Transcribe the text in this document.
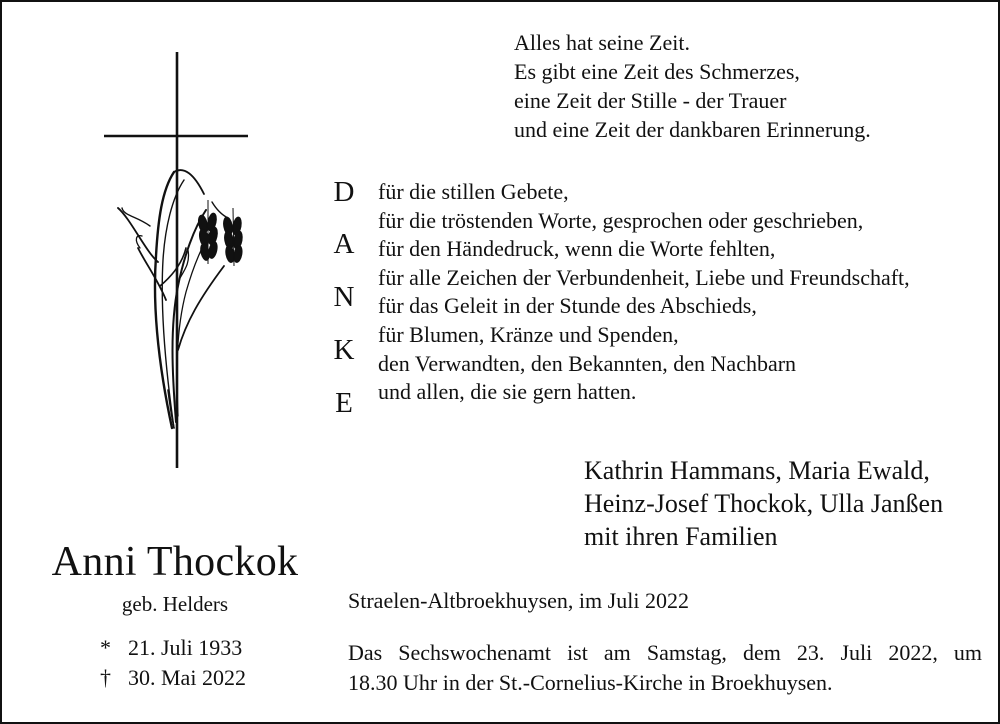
Alles hat seine Zeit.
Es gibt eine Zeit des Schmerzes,
eine Zeit der Stille - der Trauer
und eine Zeit der dankbaren Erinnerung.
D
A
N
K
E
für die stillen Gebete,
für die tröstenden Worte, gesprochen oder geschrieben,
für den Händedruck, wenn die Worte fehlten,
für alle Zeichen der Verbundenheit, Liebe und Freundschaft,
für das Geleit in der Stunde des Abschieds,
für Blumen, Kränze und Spenden,
den Verwandten, den Bekannten, den Nachbarn
und allen, die sie gern hatten.
Kathrin Hammans, Maria Ewald,
Heinz-Josef Thockok, Ulla Janßen
mit ihren Familien
Anni Thockok
geb. Helders
* 21. Juli 1933
† 30. Mai 2022
Straelen-Altbroekhuysen, im Juli 2022
Das Sechswochenamt ist am Samstag, dem 23. Juli 2022, um
18.30 Uhr in der St.-Cornelius-Kirche in Broekhuysen.
